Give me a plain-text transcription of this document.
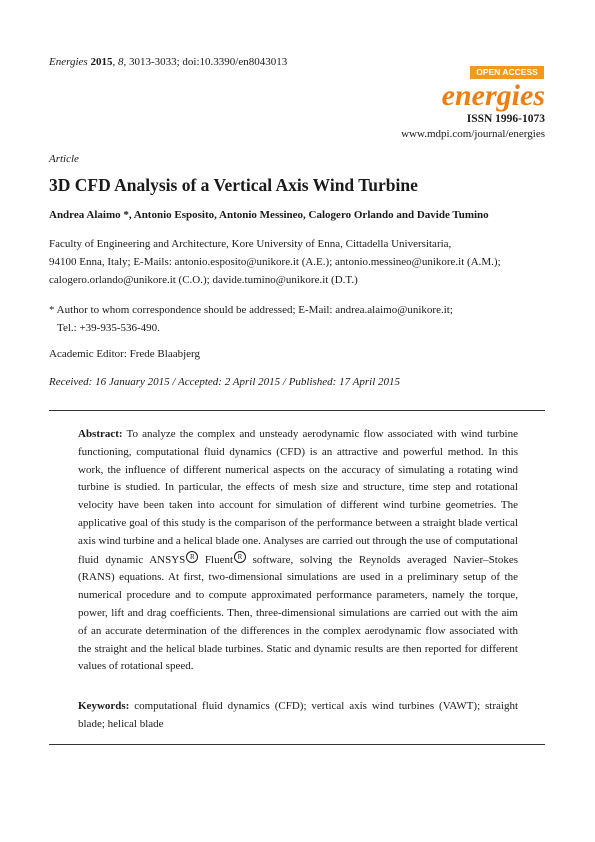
Energies 2015, 8, 3013-3033; doi:10.3390/en8043013
OPEN ACCESS
energies
ISSN 1996-1073
www.mdpi.com/journal/energies
Article
3D CFD Analysis of a Vertical Axis Wind Turbine
Andrea Alaimo *, Antonio Esposito, Antonio Messineo, Calogero Orlando and Davide Tumino
Faculty of Engineering and Architecture, Kore University of Enna, Cittadella Universitaria,
94100 Enna, Italy; E-Mails: antonio.esposito@unikore.it (A.E.); antonio.messineo@unikore.it (A.M.);
calogero.orlando@unikore.it (C.O.); davide.tumino@unikore.it (D.T.)
* Author to whom correspondence should be addressed; E-Mail: andrea.alaimo@unikore.it;
Tel.: +39-935-536-490.
Academic Editor: Frede Blaabjerg
Received: 16 January 2015 / Accepted: 2 April 2015 / Published: 17 April 2015
Abstract: To analyze the complex and unsteady aerodynamic flow associated with wind turbine functioning, computational fluid dynamics (CFD) is an attractive and powerful method. In this work, the influence of different numerical aspects on the accuracy of simulating a rotating wind turbine is studied. In particular, the effects of mesh size and structure, time step and rotational velocity have been taken into account for simulation of different wind turbine geometries. The applicative goal of this study is the comparison of the performance between a straight blade vertical axis wind turbine and a helical blade one. Analyses are carried out through the use of computational fluid dynamic ANSYS R Fluent R software, solving the Reynolds averaged Navier–Stokes (RANS) equations. At first, two-dimensional simulations are used in a preliminary setup of the numerical procedure and to compute approximated performance parameters, namely the torque, power, lift and drag coefficients. Then, three-dimensional simulations are carried out with the aim of an accurate determination of the differences in the complex aerodynamic flow associated with the straight and the helical blade turbines. Static and dynamic results are then reported for different values of rotational speed.
Keywords: computational fluid dynamics (CFD); vertical axis wind turbines (VAWT); straight blade; helical blade
